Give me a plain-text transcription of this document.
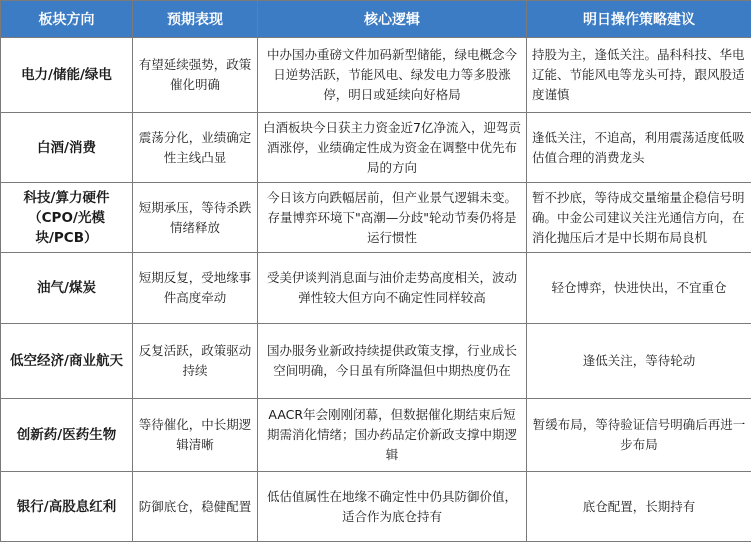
板块方向	预期表现	核心逻辑	明日操作策略建议
电力/储能/绿电	有望延续强势，政策催化明确	中办国办重磅文件加码新型储能，绿电概念今日逆势活跃，节能风电、绿发电力等多股涨停，明日或延续向好格局	持股为主，逢低关注。晶科科技、华电辽能、节能风电等龙头可持，跟风股适度谨慎
白酒/消费	震荡分化，业绩确定性主线凸显	白酒板块今日获主力资金近7亿净流入，迎驾贡酒涨停，业绩确定性成为资金在调整中优先布局的方向	逢低关注，不追高，利用震荡适度低吸估值合理的消费龙头
科技/算力硬件（CPO/光模块/PCB）	短期承压，等待杀跌情绪释放	今日该方向跌幅居前，但产业景气逻辑未变。存量博弈环境下"高潮—分歧"轮动节奏仍将是运行惯性	暂不抄底，等待成交量缩量企稳信号明确。中金公司建议关注光通信方向，在消化抛压后才是中长期布局良机

油气/煤炭	短期反复，受地缘事件高度牵动	受美伊谈判消息面与油价走势高度相关，波动弹性较大但方向不确定性同样较高	轻仓博弈，快进快出，不宜重仓
低空经济/商业航天	反复活跃，政策驱动持续	国办服务业新政持续提供政策支撑，行业成长空间明确，今日虽有所降温但中期热度仍在	逢低关注，等待轮动
创新药/医药生物	等待催化，中长期逻辑清晰	AACR年会刚刚闭幕，但数据催化期结束后短期需消化情绪；国办药品定价新政支撑中期逻辑	暂缓布局，等待验证信号明确后再进一步布局
银行/高股息红利	防御底仓，稳健配置	低估值属性在地缘不确定性中仍具防御价值，适合作为底仓持有	底仓配置，长期持有
